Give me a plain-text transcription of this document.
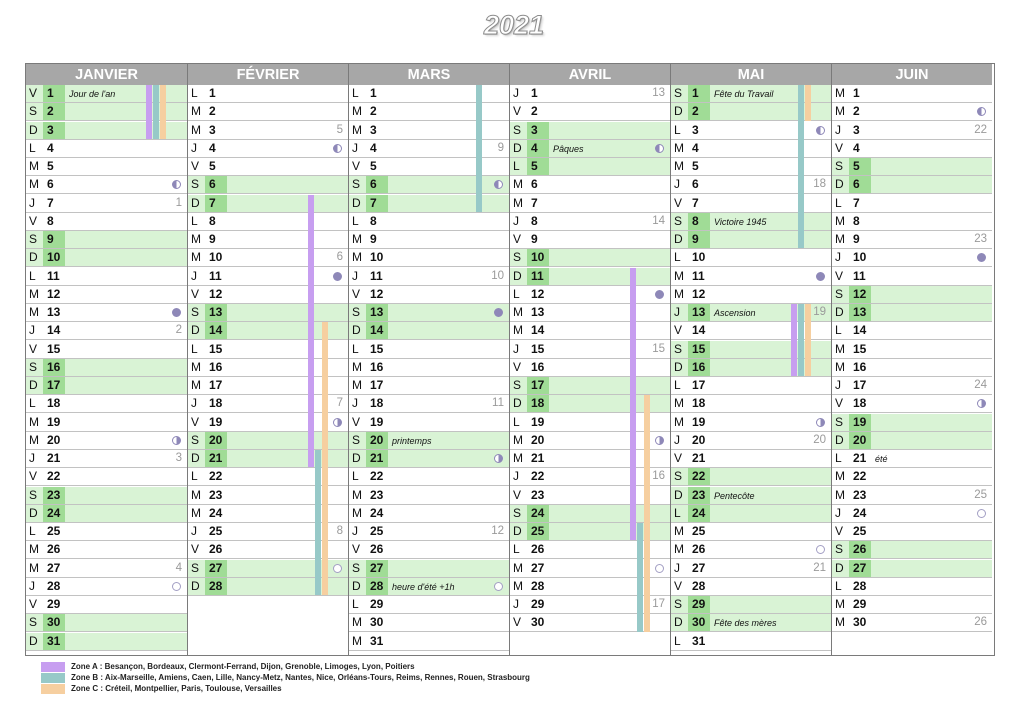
2021
JANVIER
V 1	Jour de l'an
S 2
D 3
L 4
M 5
M 6
J	7	1
V 8
S 9
D 10
L 11
M 12
M 13
J	14	2
V 15
S 16
D 17
L 18
M 19
M 20
J	21	3
V 22
S 23
D 24
L 25
M 26
M 27	4
J	28
V 29
S 30
D 31
FÉVRIER
L 1
M 2
M 3	5
J	4
V 5
S 6
D 7
L 8
M 9
M 10	6
J	11
V 12
S 13
D 14
L 15
M 16
M 17
J	18	7
V 19
S 20
D 21
L 22
M 23
M 24
J	25	8
V 26
S 27
D 28
MARS
L 1
M 2
M 3
J	4	9
V 5
S 6
D 7
L 8
M 9
M 10
J	11	10
V 12
S 13
D 14
L 15
M 16
M 17
J	18	11
V 19
S 20 printemps
D 21
L 22
M 23
M 24
J	25	12
V 26
S 27
D 28 heure d'été +1h
L 29
M 30
M 31
AVRIL
J	1	13
V 2
S 3
D 4	Pâques
L 5
M 6
M 7
J	8	14
V 9
S 10
D 11
L 12
M 13
M 14
J	15	15
V 16
S 17
D 18
L 19
M 20
M 21
J	22	16
V 23
S 24
D 25
L 26
M 27
M 28
J	29	17
V 30
MAI
S 1	Fête du Travail
D 2
L 3
M 4
M 5
J	6	18
V 7
S 8	Victoire 1945
D 9
L 10
M 11
M 12
J	13 Ascension	19
V 14
S 15
D 16
L 17
M 18
M 19
J	20	20
V 21
S 22
D 23 Pentecôte
L 24
M 25
M 26
J	27	21
V 28
S 29
D 30 Fête des mères
L 31
JUIN
M 1
M 2
J	3	22
V 4
S 5
D 6
L 7
M 8
M 9	23
J	10
V 11
S 12
D 13
L 14
M 15
M 16
J	17	24
V 18
S 19
D 20
L 21 été
M 22
M 23	25
J	24
V 25
S 26
D 27
L 28
M 29
M 30	26
Zone A : Besançon, Bordeaux, Clermont-Ferrand, Dijon, Grenoble, Limoges, Lyon, Poitiers
Zone B : Aix-Marseille, Amiens, Caen, Lille, Nancy-Metz, Nantes, Nice, Orléans-Tours, Reims, Rennes, Rouen, Strasbourg
Zone C : Créteil, Montpellier, Paris, Toulouse, Versailles
